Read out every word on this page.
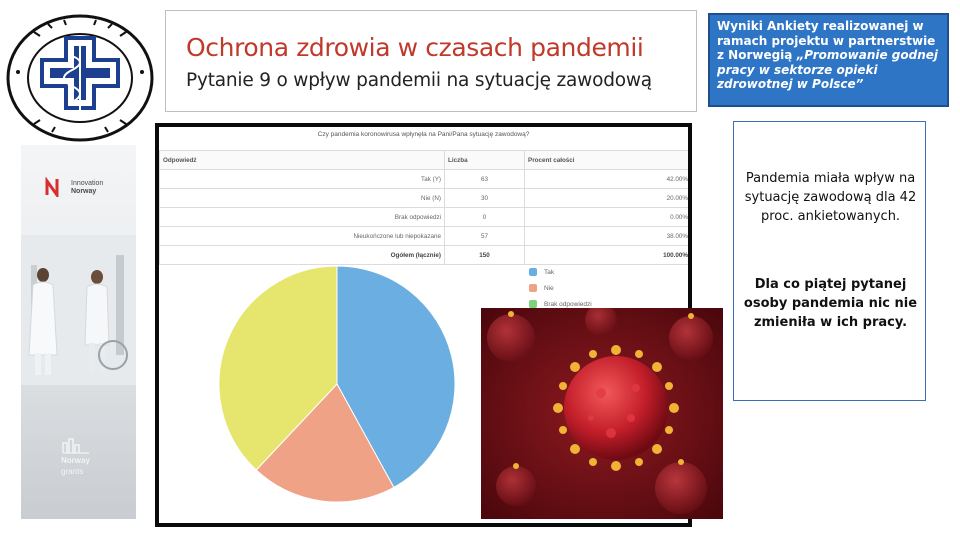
Innovation
Norway
Norway
grants
Ochrona zdrowia w czasach pandemii
Pytanie 9 o wpływ pandemii na sytuację zawodową
Wyniki Ankiety realizowanej w ramach projektu w partnerstwie z Norwegią „Promowanie godnej pracy w sektorze opieki zdrowotnej w Polsce”
Czy pandemia koronowirusa wpłynęła na Pani/Pana sytuację zawodową?
Odpowiedź	Liczba	Procent całości
Tak (Y)	63	42.00%
Nie (N)	30	20.00%
Brak odpowiedzi	0	0.00%
Nieukończone lub niepokazane	57	38.00%
Ogółem (łącznie)	150	100.00%
Tak
Nie
Brak odpowiedzi
Pandemia miała wpływ na sytuację zawodową dla 42 proc. ankietowanych.
Dla co piątej pytanej osoby pandemia nic nie zmieniła w ich pracy.
